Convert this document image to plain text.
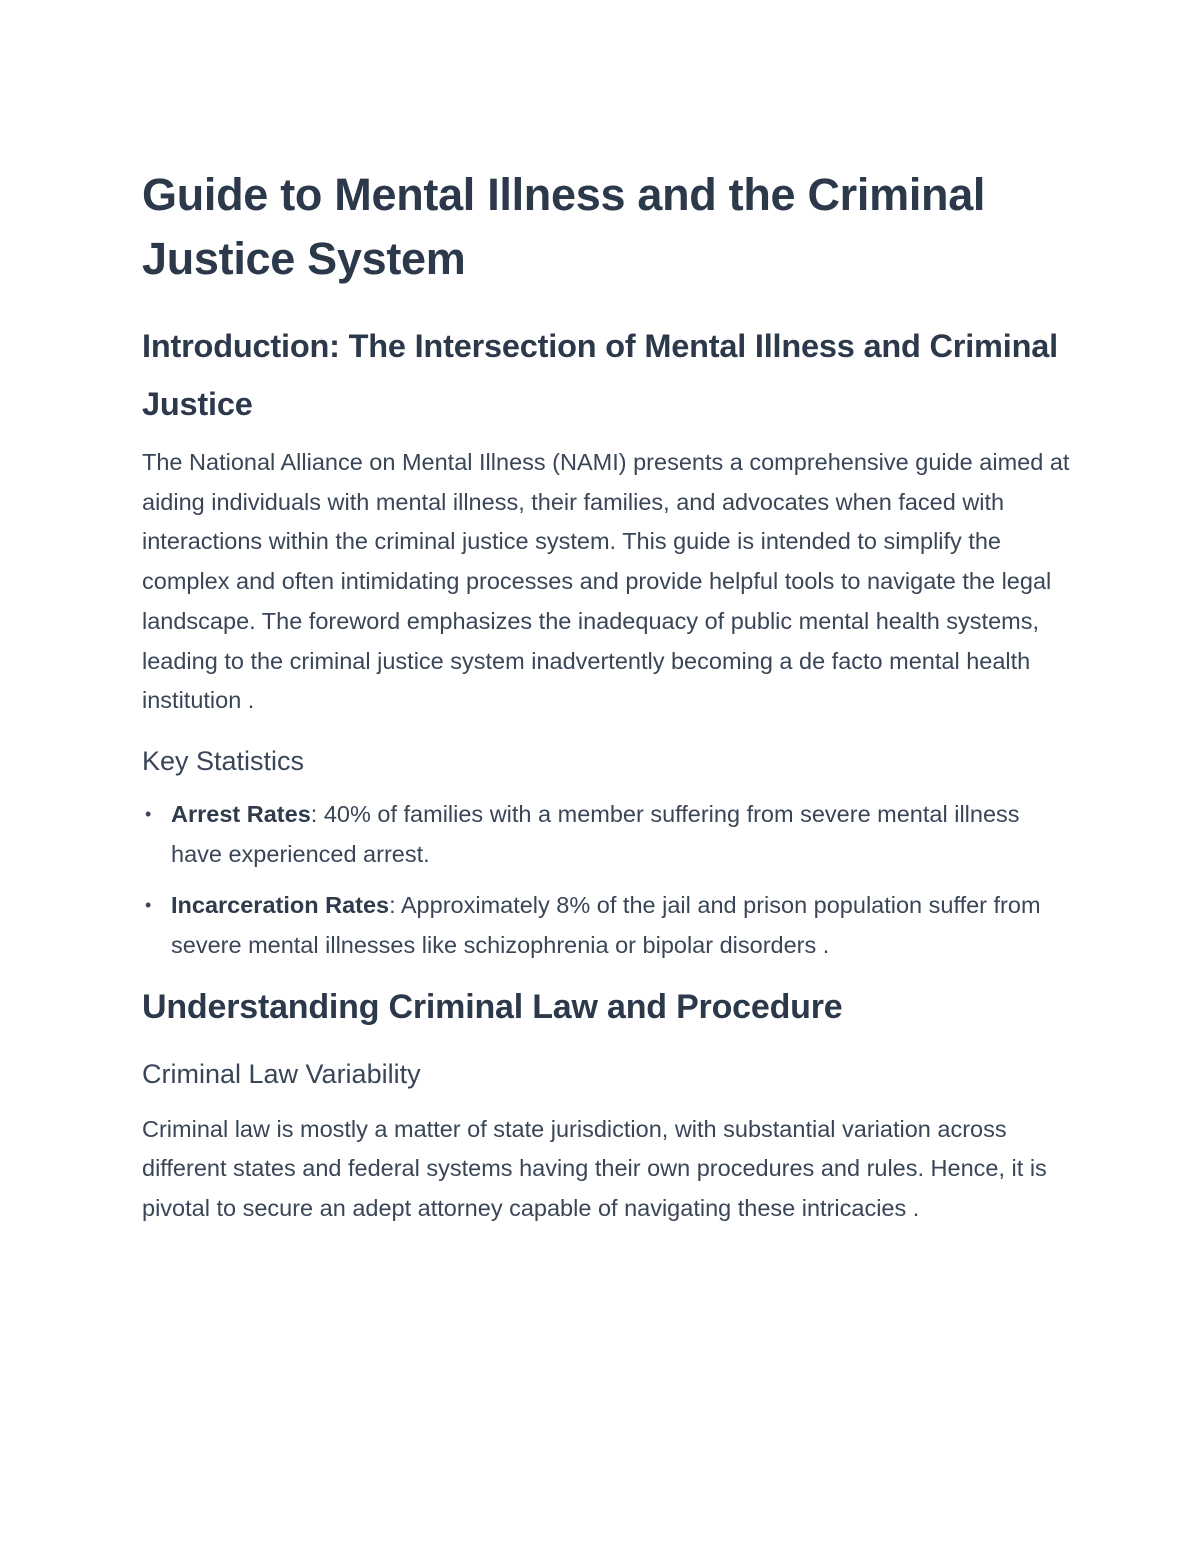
Guide to Mental Illness and the Criminal Justice System
Introduction: The Intersection of Mental Illness and Criminal Justice

The National Alliance on Mental Illness (NAMI) presents a comprehensive guide aimed at aiding individuals with mental illness, their families, and advocates when faced with interactions within the criminal justice system. This guide is intended to simplify the complex and often intimidating processes and provide helpful tools to navigate the legal landscape. The foreword emphasizes the inadequacy of public mental health systems, leading to the criminal justice system inadvertently becoming a de facto mental health institution .

Key Statistics
• Arrest Rates: 40% of families with a member suffering from severe mental illness have experienced arrest.
• Incarceration Rates: Approximately 8% of the jail and prison population suffer from severe mental illnesses like schizophrenia or bipolar disorders .
Understanding Criminal Law and Procedure
Criminal Law Variability

Criminal law is mostly a matter of state jurisdiction, with substantial variation across different states and federal systems having their own procedures and rules. Hence, it is pivotal to secure an adept attorney capable of navigating these intricacies .
